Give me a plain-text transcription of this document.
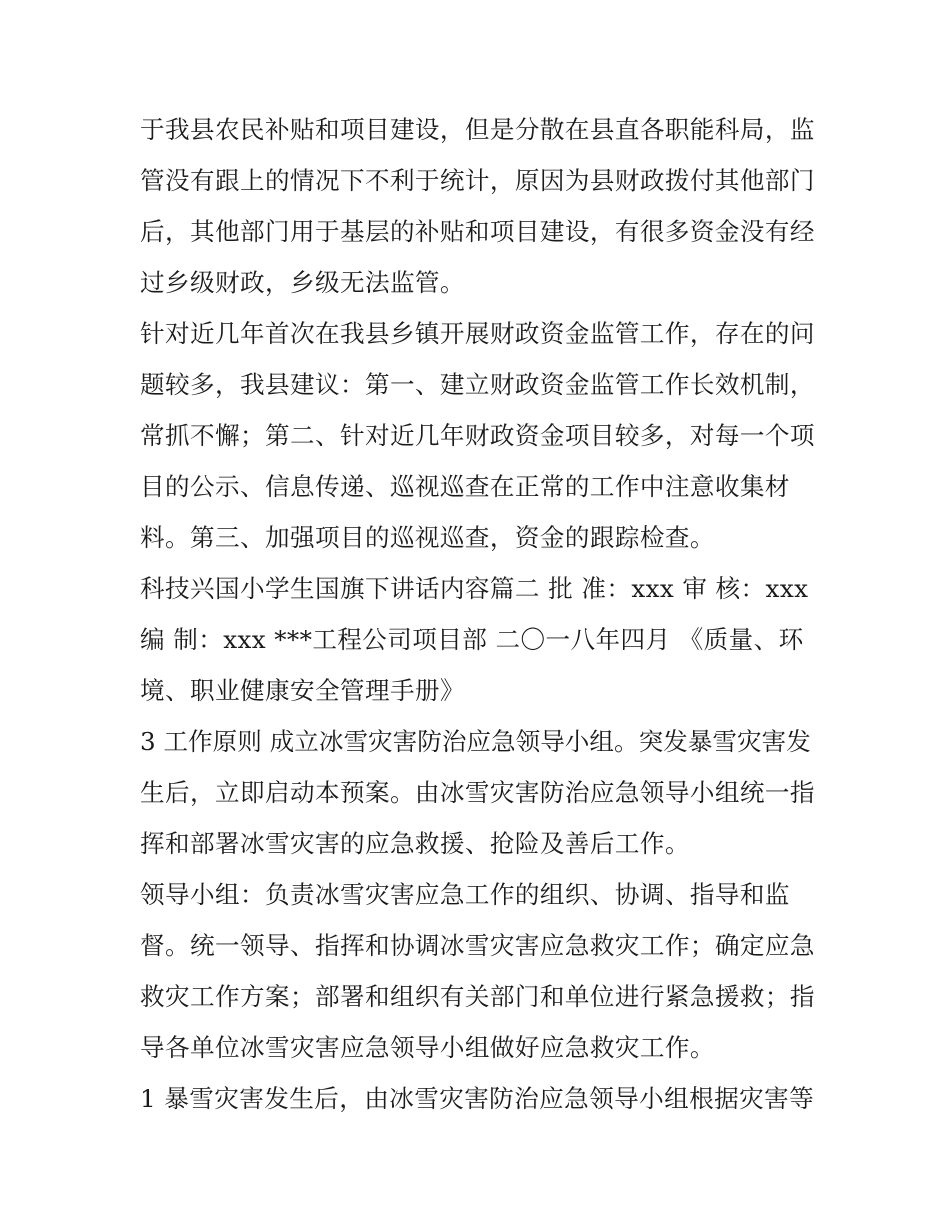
于我县农民补贴和项目建设，但是分散在县直各职能科局，监
管没有跟上的情况下不利于统计，原因为县财政拨付其他部门
后，其他部门用于基层的补贴和项目建设，有很多资金没有经
过乡级财政，乡级无法监管。
针对近几年首次在我县乡镇开展财政资金监管工作，存在的问
题较多，我县建议：第一、建立财政资金监管工作长效机制，
常抓不懈；第二、针对近几年财政资金项目较多，对每一个项
目的公示、信息传递、巡视巡查在正常的工作中注意收集材
料。第三、加强项目的巡视巡查，资金的跟踪检查。
科技兴国小学生国旗下讲话内容篇二 批 准：xxx 审 核：xxx
编 制：xxx ***工程公司项目部 二〇一八年四月 《质量、环
境、职业健康安全管理手册》
3 工作原则 成立冰雪灾害防治应急领导小组。突发暴雪灾害发
生后，立即启动本预案。由冰雪灾害防治应急领导小组统一指
挥和部署冰雪灾害的应急救援、抢险及善后工作。
领导小组：负责冰雪灾害应急工作的组织、协调、指导和监
督。统一领导、指挥和协调冰雪灾害应急救灾工作；确定应急
救灾工作方案；部署和组织有关部门和单位进行紧急援救；指
导各单位冰雪灾害应急领导小组做好应急救灾工作。
1 暴雪灾害发生后，由冰雪灾害防治应急领导小组根据灾害等
